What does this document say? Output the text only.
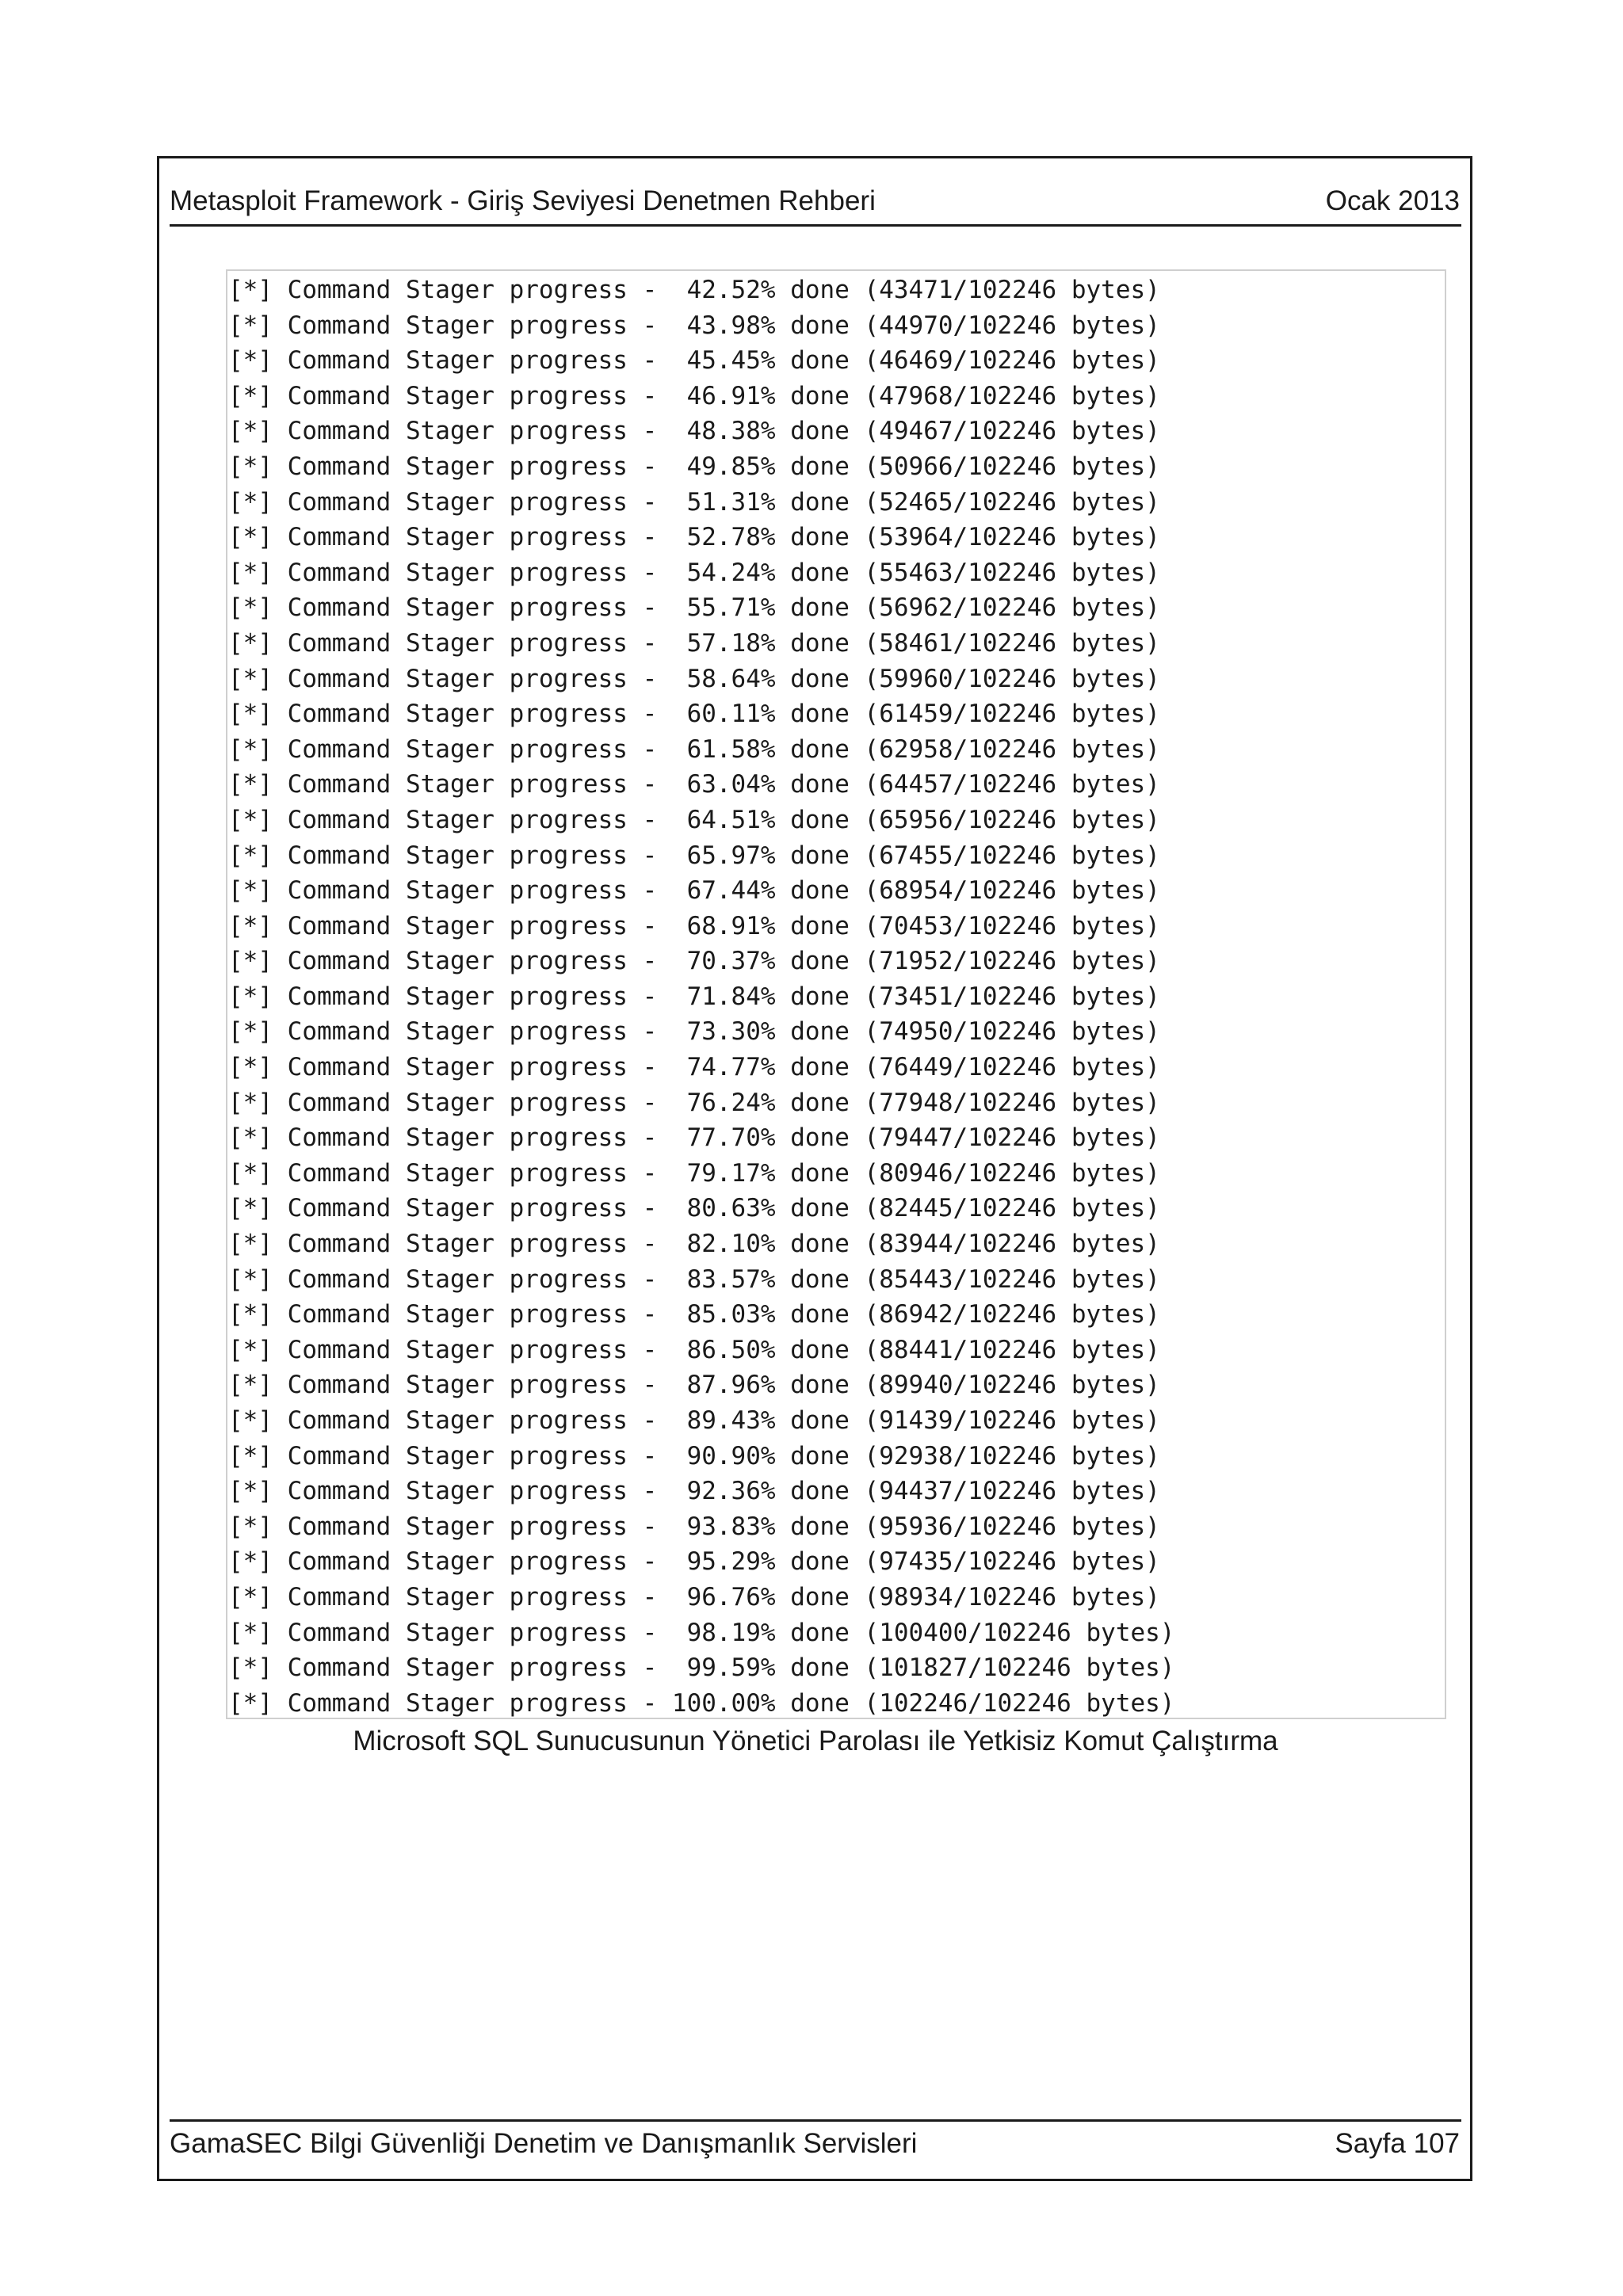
Metasploit Framework - Giriş Seviyesi Denetmen Rehberi	Ocak 2013
[*] Command Stager progress -  42.52% done (43471/102246 bytes)
[*] Command Stager progress -  43.98% done (44970/102246 bytes)
[*] Command Stager progress -  45.45% done (46469/102246 bytes)
[*] Command Stager progress -  46.91% done (47968/102246 bytes)
[*] Command Stager progress -  48.38% done (49467/102246 bytes)
[*] Command Stager progress -  49.85% done (50966/102246 bytes)
[*] Command Stager progress -  51.31% done (52465/102246 bytes)
[*] Command Stager progress -  52.78% done (53964/102246 bytes)
[*] Command Stager progress -  54.24% done (55463/102246 bytes)
[*] Command Stager progress -  55.71% done (56962/102246 bytes)
[*] Command Stager progress -  57.18% done (58461/102246 bytes)
[*] Command Stager progress -  58.64% done (59960/102246 bytes)
[*] Command Stager progress -  60.11% done (61459/102246 bytes)
[*] Command Stager progress -  61.58% done (62958/102246 bytes)
[*] Command Stager progress -  63.04% done (64457/102246 bytes)
[*] Command Stager progress -  64.51% done (65956/102246 bytes)
[*] Command Stager progress -  65.97% done (67455/102246 bytes)
[*] Command Stager progress -  67.44% done (68954/102246 bytes)
[*] Command Stager progress -  68.91% done (70453/102246 bytes)
[*] Command Stager progress -  70.37% done (71952/102246 bytes)
[*] Command Stager progress -  71.84% done (73451/102246 bytes)
[*] Command Stager progress -  73.30% done (74950/102246 bytes)
[*] Command Stager progress -  74.77% done (76449/102246 bytes)
[*] Command Stager progress -  76.24% done (77948/102246 bytes)
[*] Command Stager progress -  77.70% done (79447/102246 bytes)
[*] Command Stager progress -  79.17% done (80946/102246 bytes)
[*] Command Stager progress -  80.63% done (82445/102246 bytes)
[*] Command Stager progress -  82.10% done (83944/102246 bytes)
[*] Command Stager progress -  83.57% done (85443/102246 bytes)
[*] Command Stager progress -  85.03% done (86942/102246 bytes)
[*] Command Stager progress -  86.50% done (88441/102246 bytes)
[*] Command Stager progress -  87.96% done (89940/102246 bytes)
[*] Command Stager progress -  89.43% done (91439/102246 bytes)
[*] Command Stager progress -  90.90% done (92938/102246 bytes)
[*] Command Stager progress -  92.36% done (94437/102246 bytes)
[*] Command Stager progress -  93.83% done (95936/102246 bytes)
[*] Command Stager progress -  95.29% done (97435/102246 bytes)
[*] Command Stager progress -  96.76% done (98934/102246 bytes)
[*] Command Stager progress -  98.19% done (100400/102246 bytes)
[*] Command Stager progress -  99.59% done (101827/102246 bytes)
[*] Command Stager progress - 100.00% done (102246/102246 bytes)
Microsoft SQL Sunucusunun Yönetici Parolası ile Yetkisiz Komut Çalıştırma
GamaSEC Bilgi Güvenliği Denetim ve Danışmanlık Servisleri	Sayfa 107
